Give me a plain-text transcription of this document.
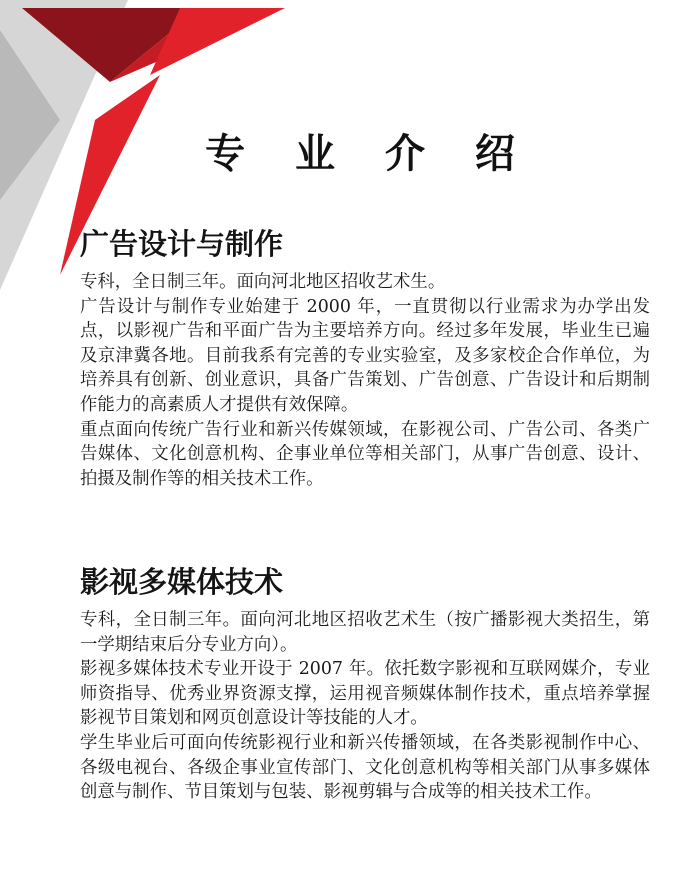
专 业 介 绍
广告设计与制作

专科，全日制三年。面向河北地区招收艺术生。

广告设计与制作专业始建于 2000 年，一直贯彻以行业需求为办学出发点，以影视广告和平面广告为主要培养方向。经过多年发展，毕业生已遍及京津冀各地。目前我系有完善的专业实验室，及多家校企合作单位，为培养具有创新、创业意识，具备广告策划、广告创意、广告设计和后期制作能力的高素质人才提供有效保障。

重点面向传统广告行业和新兴传媒领域，在影视公司、广告公司、各类广告媒体、文化创意机构、企事业单位等相关部门，从事广告创意、设计、拍摄及制作等的相关技术工作。

影视多媒体技术

专科，全日制三年。面向河北地区招收艺术生（按广播影视大类招生，第一学期结束后分专业方向）。

影视多媒体技术专业开设于 2007 年。依托数字影视和互联网媒介，专业师资指导、优秀业界资源支撑，运用视音频媒体制作技术，重点培养掌握影视节目策划和网页创意设计等技能的人才。

学生毕业后可面向传统影视行业和新兴传播领域，在各类影视制作中心、各级电视台、各级企事业宣传部门、文化创意机构等相关部门从事多媒体创意与制作、节目策划与包装、影视剪辑与合成等的相关技术工作。
